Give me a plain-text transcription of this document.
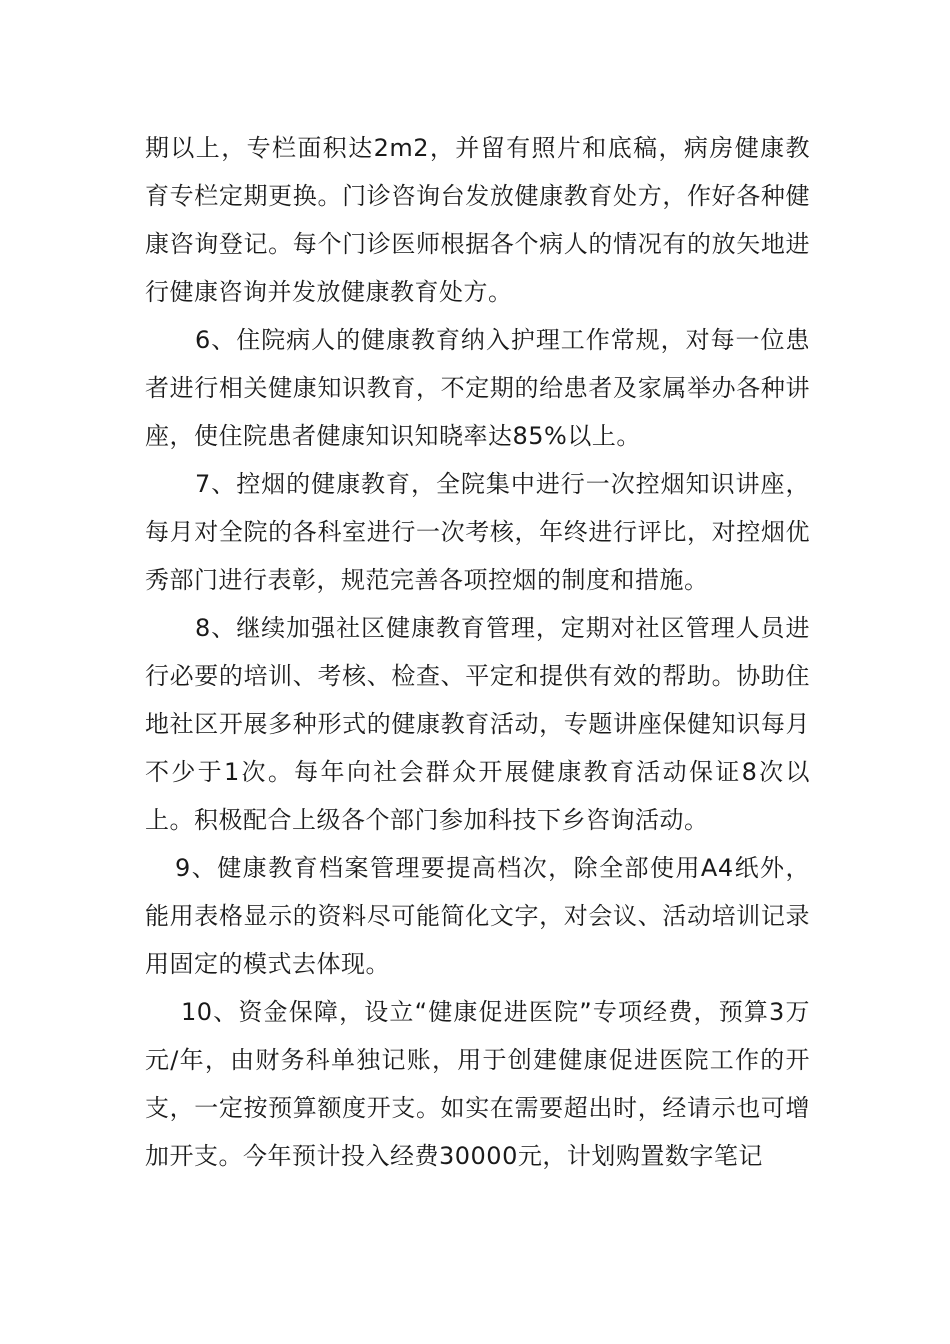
期以上，专栏面积达2m2，并留有照片和底稿，病房健康教育专栏定期更换。门诊咨询台发放健康教育处方，作好各种健康咨询登记。每个门诊医师根据各个病人的情况有的放矢地进行健康咨询并发放健康教育处方。

6、住院病人的健康教育纳入护理工作常规，对每一位患者进行相关健康知识教育，不定期的给患者及家属举办各种讲座，使住院患者健康知识知晓率达85%以上。

7、控烟的健康教育，全院集中进行一次控烟知识讲座，每月对全院的各科室进行一次考核，年终进行评比，对控烟优秀部门进行表彰，规范完善各项控烟的制度和措施。

8、继续加强社区健康教育管理，定期对社区管理人员进行必要的培训、考核、检查、平定和提供有效的帮助。协助住地社区开展多种形式的健康教育活动，专题讲座保健知识每月不少于1次。每年向社会群众开展健康教育活动保证8次以上。积极配合上级各个部门参加科技下乡咨询活动。

9、健康教育档案管理要提高档次，除全部使用A4纸外，能用表格显示的资料尽可能简化文字，对会议、活动培训记录用固定的模式去体现。

10、资金保障，设立“健康促进医院”专项经费，预算3万元/年，由财务科单独记账，用于创建健康促进医院工作的开支，一定按预算额度开支。如实在需要超出时，经请示也可增加开支。今年预计投入经费30000元，计划购置数字笔记
